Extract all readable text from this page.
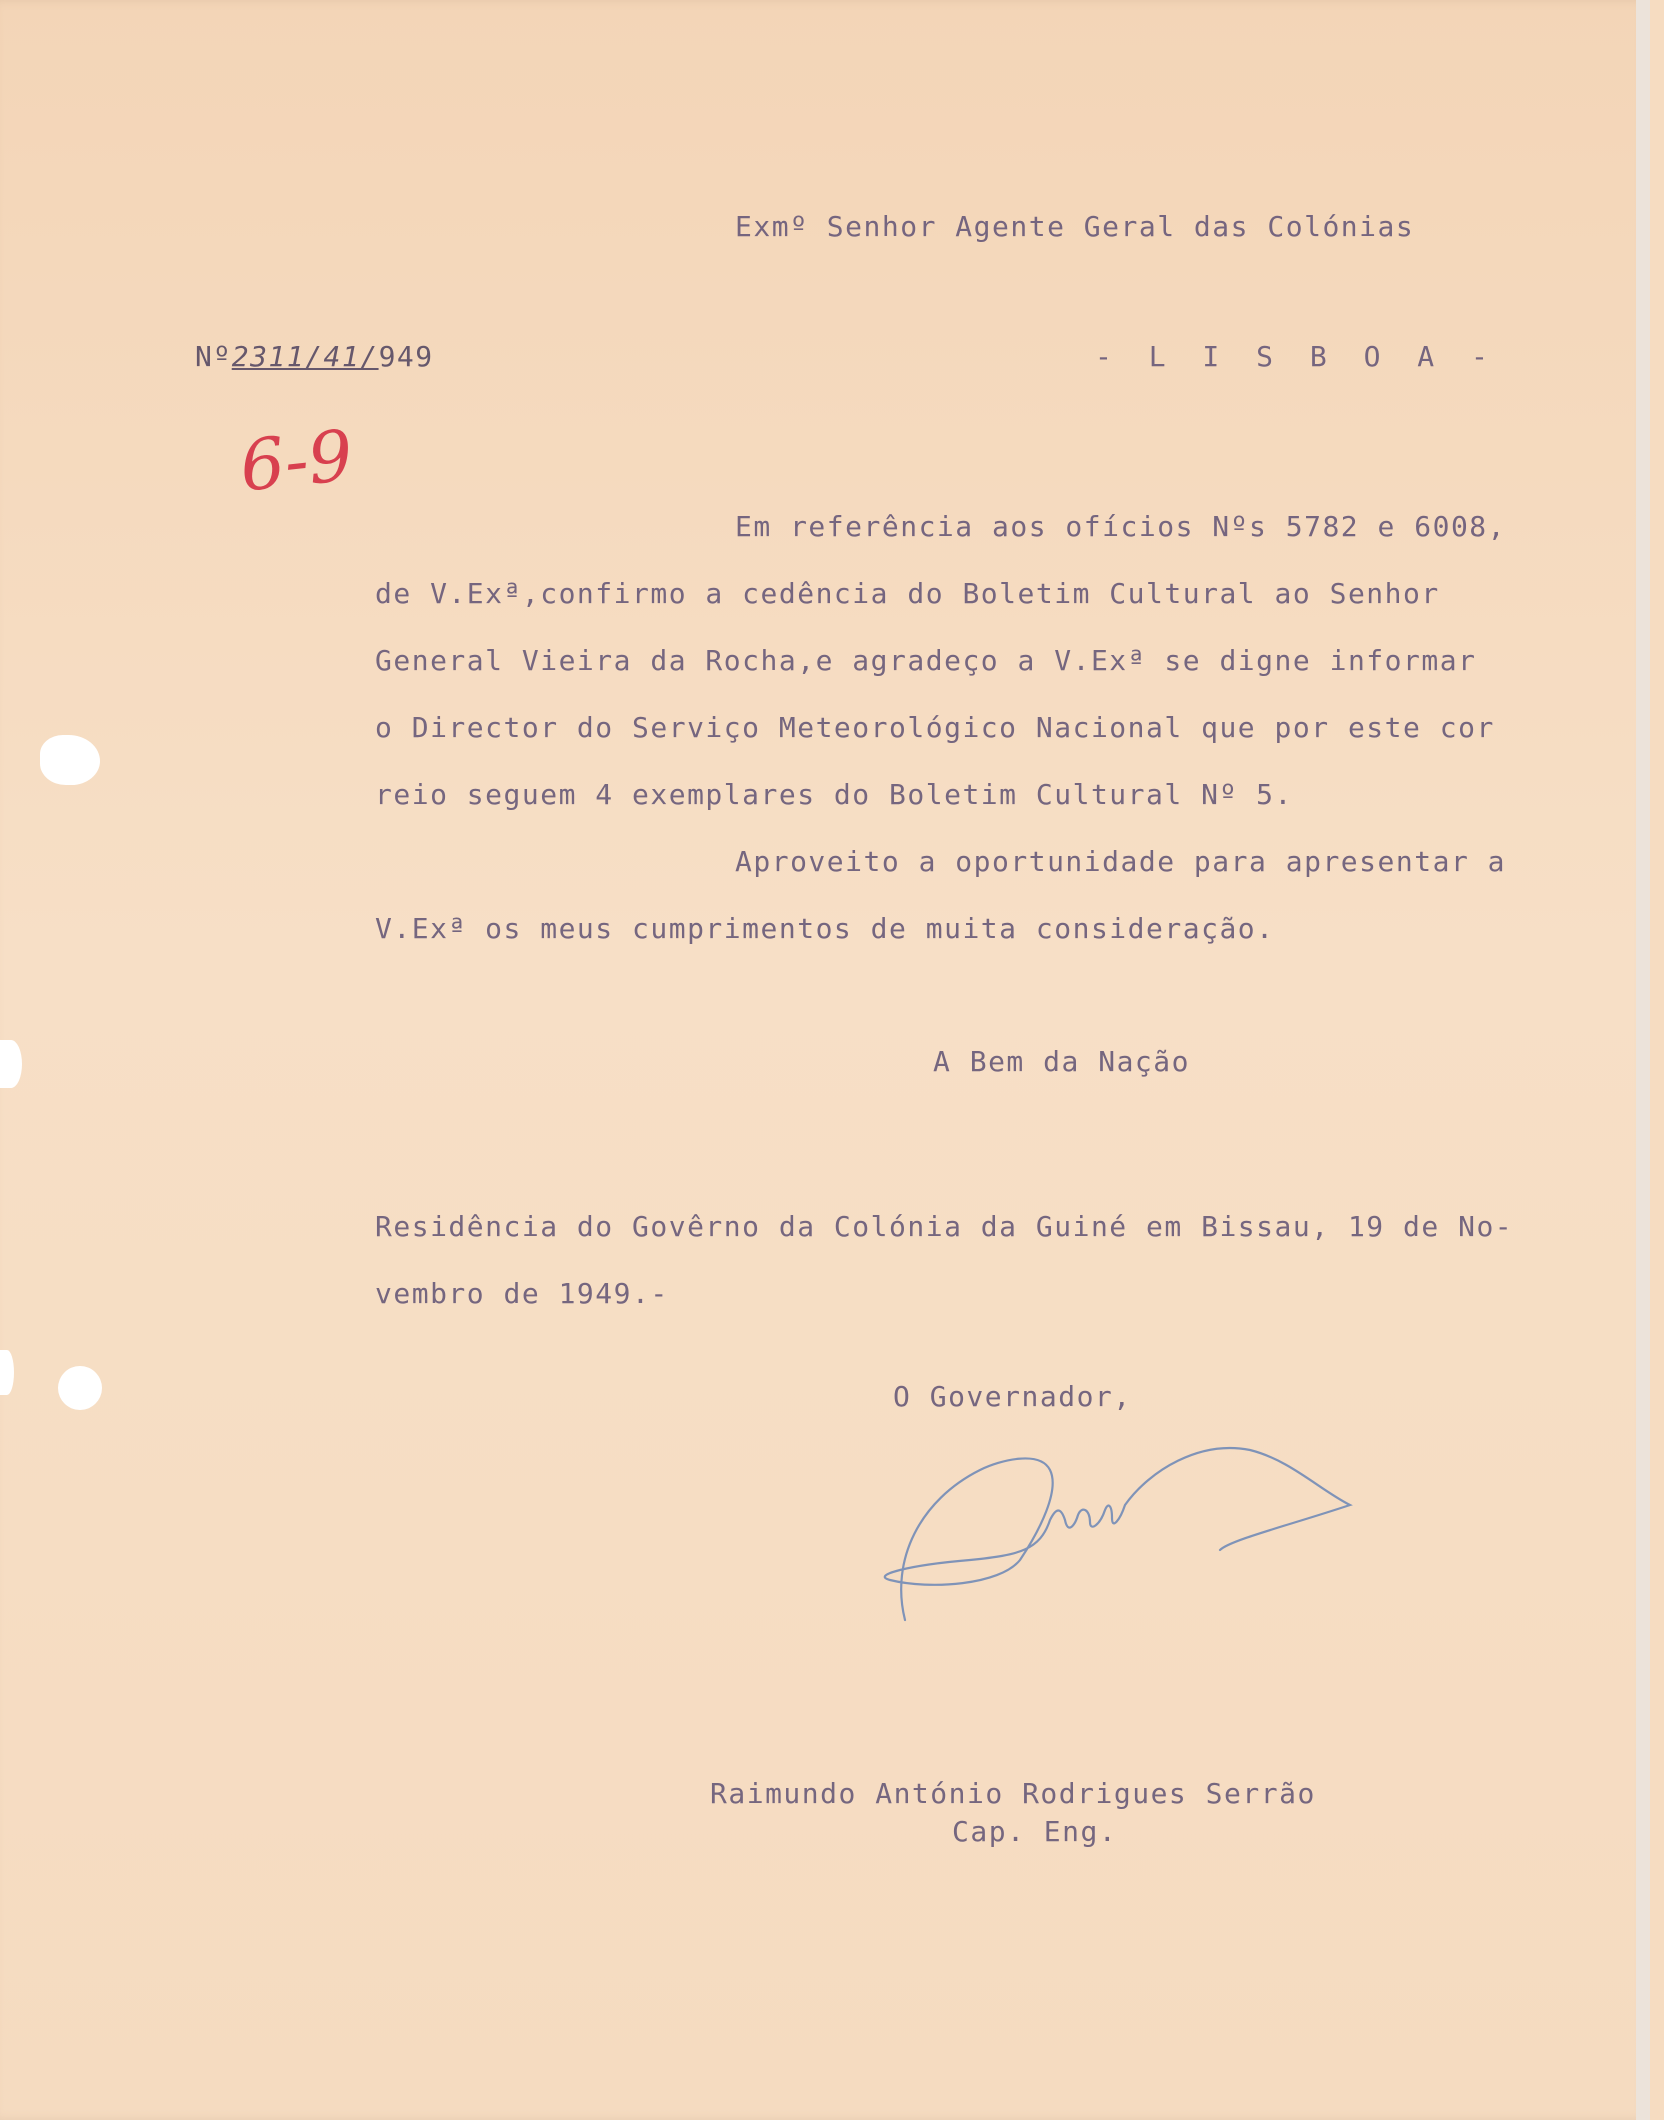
Exmº Senhor Agente Geral das Colónias
Nº2311/41/949	- L I S B O A -
6-9
Em referência aos ofícios Nºs 5782 e 6008,
de V.Exª,confirmo a cedência do Boletim Cultural ao Senhor
General Vieira da Rocha,e agradeço a V.Exª se digne informar
o Director do Serviço Meteorológico Nacional que por este cor
reio seguem 4 exemplares do Boletim Cultural Nº 5.
Aproveito a oportunidade para apresentar a
V.Exª os meus cumprimentos de muita consideração.
A Bem da Nação
Residência do Govêrno da Colónia da Guiné em Bissau, 19 de No-
vembro de 1949.-
O Governador,
Raimundo António Rodrigues Serrão
Cap. Eng.
